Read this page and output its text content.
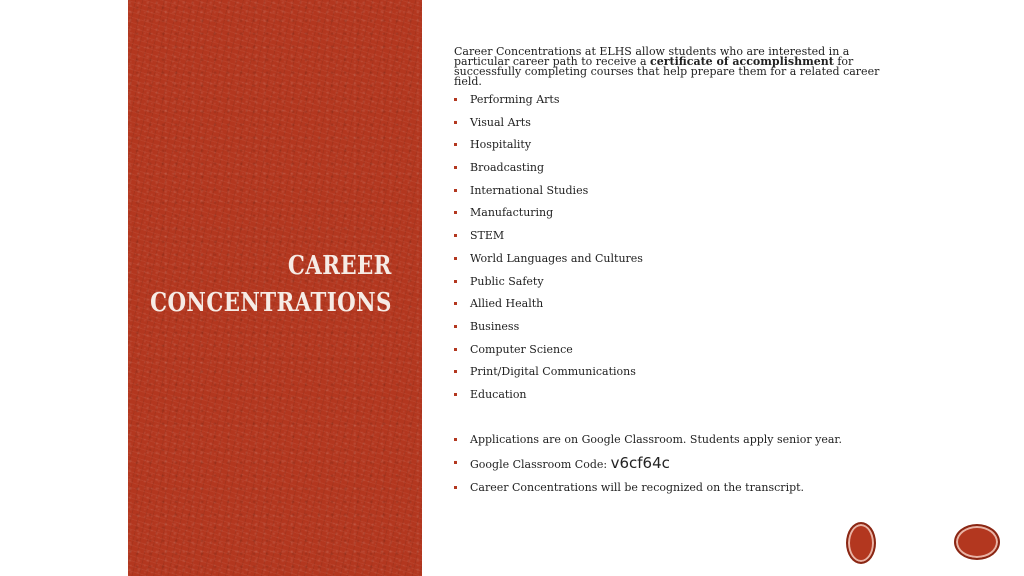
CAREER
CONCENTRATIONS

Career Concentrations at ELHS allow students who are interested in a particular career path to receive a certificate of accomplishment for successfully completing courses that help prepare them for a related career field.

Performing Arts
Visual Arts
Hospitality
Broadcasting
International Studies
Manufacturing
STEM
World Languages and Cultures
Public Safety
Allied Health
Business
Computer Science
Print/Digital Communications
Education
Applications are on Google Classroom. Students apply senior year.
Google Classroom Code: v6cf64c
Career Concentrations will be recognized on the transcript.
